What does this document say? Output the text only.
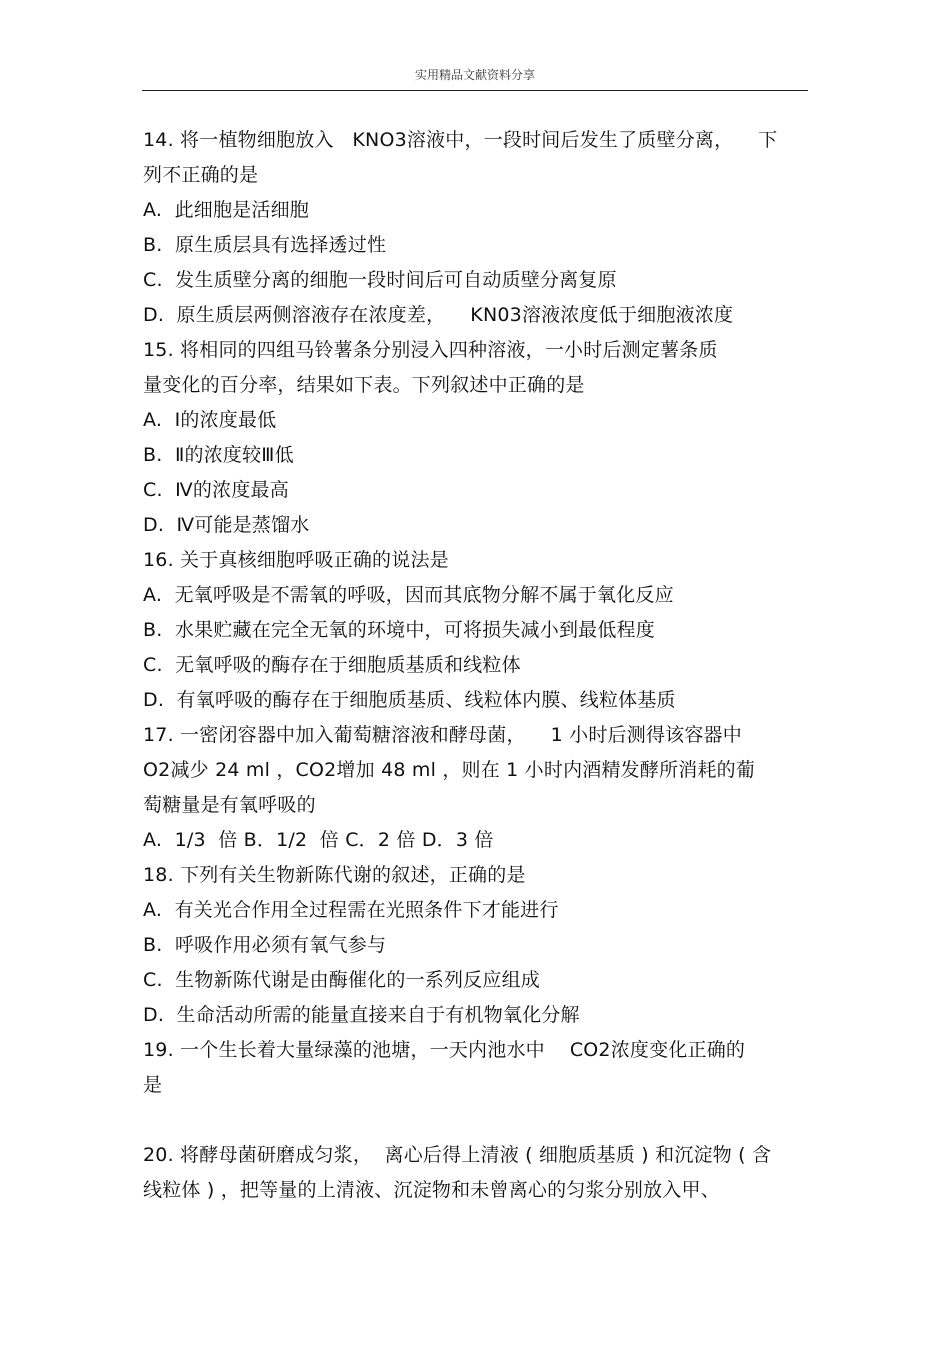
实用精品文献资料分享
14. 将一植物细胞放入   KNO3溶液中，一段时间后发生了质壁分离，    下
列不正确的是
A.  此细胞是活细胞
B.  原生质层具有选择透过性
C.  发生质壁分离的细胞一段时间后可自动质壁分离复原
D.  原生质层两侧溶液存在浓度差，    KN03溶液浓度低于细胞液浓度
15. 将相同的四组马铃薯条分别浸入四种溶液，一小时后测定薯条质
量变化的百分率，结果如下表。下列叙述中正确的是
A.  Ⅰ的浓度最低
B.  Ⅱ的浓度较Ⅲ低
C.  Ⅳ的浓度最高
D.  Ⅳ可能是蒸馏水
16. 关于真核细胞呼吸正确的说法是
A.  无氧呼吸是不需氧的呼吸，因而其底物分解不属于氧化反应
B.  水果贮藏在完全无氧的环境中，可将损失减小到最低程度
C.  无氧呼吸的酶存在于细胞质基质和线粒体
D.  有氧呼吸的酶存在于细胞质基质、线粒体内膜、线粒体基质
17. 一密闭容器中加入葡萄糖溶液和酵母菌，    1 小时后测得该容器中
O2减少 24 ml ，CO2增加 48 ml ，则在 1 小时内酒精发酵所消耗的葡
萄糖量是有氧呼吸的
A.  1/3  倍 B．1/2  倍 C．2 倍 D．3 倍
18. 下列有关生物新陈代谢的叙述，正确的是
A.  有关光合作用全过程需在光照条件下才能进行
B.  呼吸作用必须有氧气参与
C.  生物新陈代谢是由酶催化的一系列反应组成
D.  生命活动所需的能量直接来自于有机物氧化分解
19. 一个生长着大量绿藻的池塘，一天内池水中    CO2浓度变化正确的
是
20. 将酵母菌研磨成匀浆，  离心后得上清液 ( 细胞质基质 ) 和沉淀物 ( 含
线粒体 ) ，把等量的上清液、沉淀物和未曾离心的匀浆分别放入甲、
